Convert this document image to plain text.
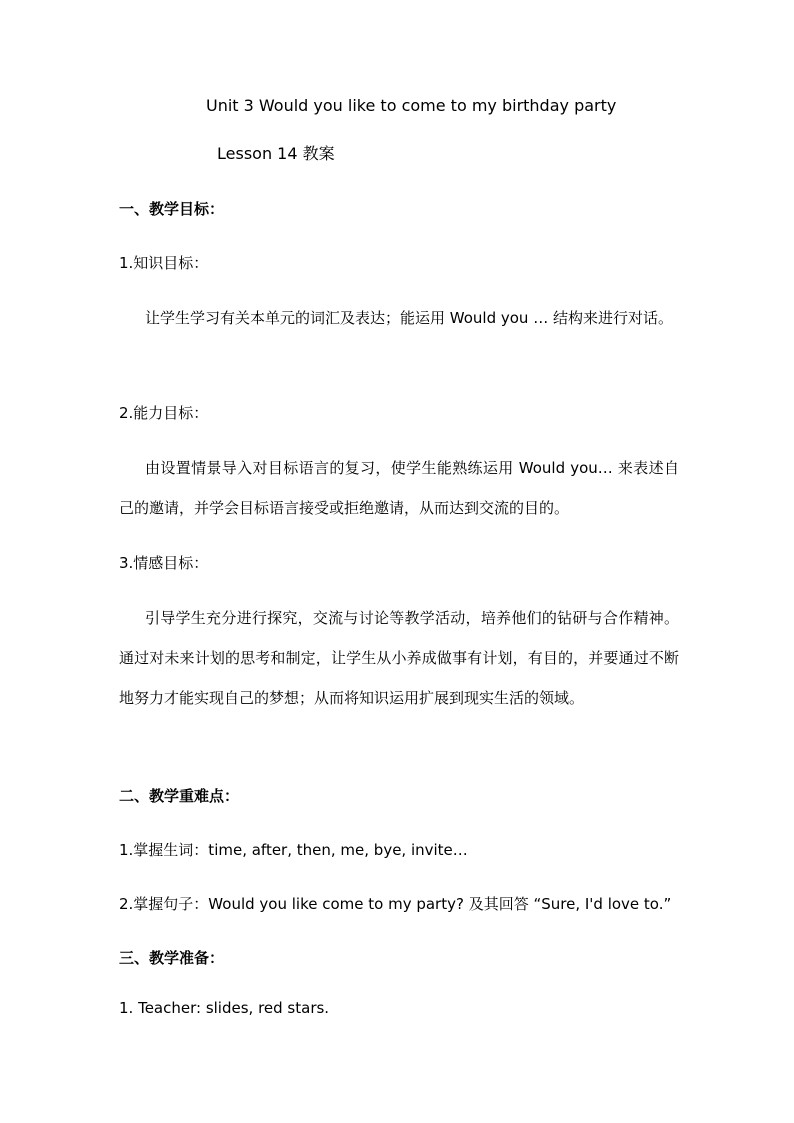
Unit 3 Would you like to come to my birthday party
Lesson 14 教案
一、教学目标：
1.知识目标：
让学生学习有关本单元的词汇及表达；能运用 Would you … 结构来进行对话。
2.能力目标：
由设置情景导入对目标语言的复习，使学生能熟练运用 Would you… 来表述自己的邀请，并学会目标语言接受或拒绝邀请，从而达到交流的目的。
3.情感目标：
引导学生充分进行探究，交流与讨论等教学活动，培养他们的钻研与合作精神。通过对未来计划的思考和制定，让学生从小养成做事有计划，有目的，并要通过不断地努力才能实现自己的梦想；从而将知识运用扩展到现实生活的领域。
二、教学重难点：
1.掌握生词：time, after, then, me, bye, invite…
2.掌握句子：Would you like come to my party? 及其回答 “Sure, I'd love to.”
三、教学准备：
1. Teacher: slides, red stars.
